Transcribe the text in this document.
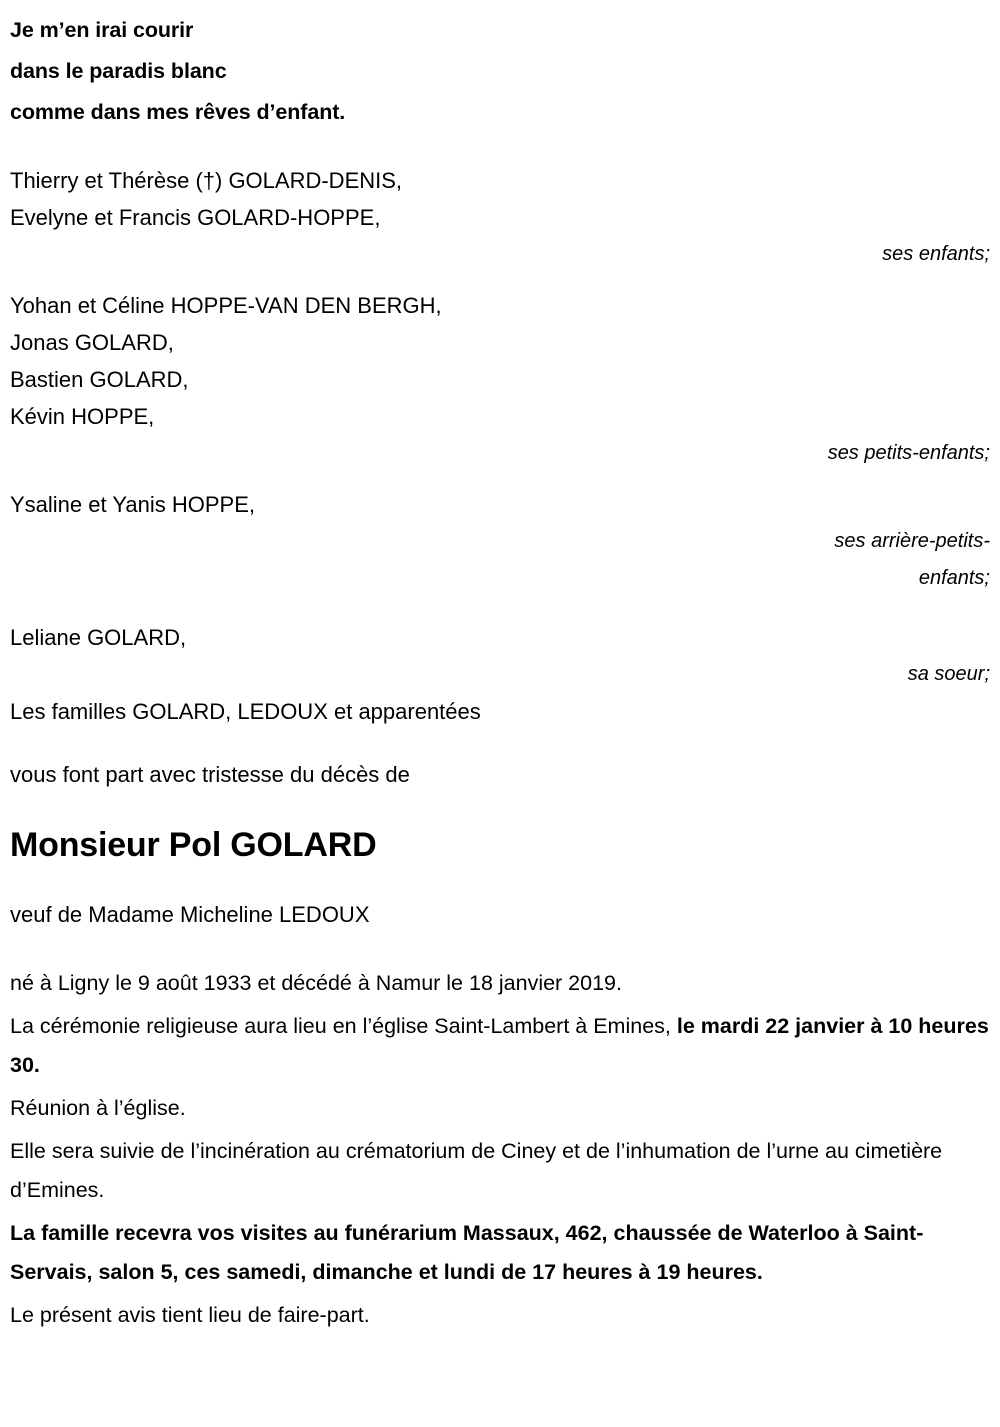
Je m’en irai courir
dans le paradis blanc
comme dans mes rêves d’enfant.
Thierry et Thérèse (†) GOLARD-DENIS,
Evelyne et Francis GOLARD-HOPPE,
ses enfants;
Yohan et Céline HOPPE-VAN DEN BERGH,
Jonas GOLARD,
Bastien GOLARD,
Kévin HOPPE,
ses petits-enfants;
Ysaline et Yanis HOPPE,
ses arrière-petits-
enfants;
Leliane GOLARD,
sa soeur;
Les familles GOLARD, LEDOUX et apparentées
vous font part avec tristesse du décès de
Monsieur Pol GOLARD
veuf de Madame Micheline LEDOUX

né à Ligny le 9 août 1933 et décédé à Namur le 18 janvier 2019.

La cérémonie religieuse aura lieu en l’église Saint-Lambert à Emines, le mardi 22 janvier à 10 heures 30.

Réunion à l’église.

Elle sera suivie de l’incinération au crématorium de Ciney et de l’inhumation de l’urne au cimetière d’Emines.

La famille recevra vos visites au funérarium Massaux, 462, chaussée de Waterloo à Saint-Servais, salon 5, ces samedi, dimanche et lundi de 17 heures à 19 heures.

Le présent avis tient lieu de faire-part.
